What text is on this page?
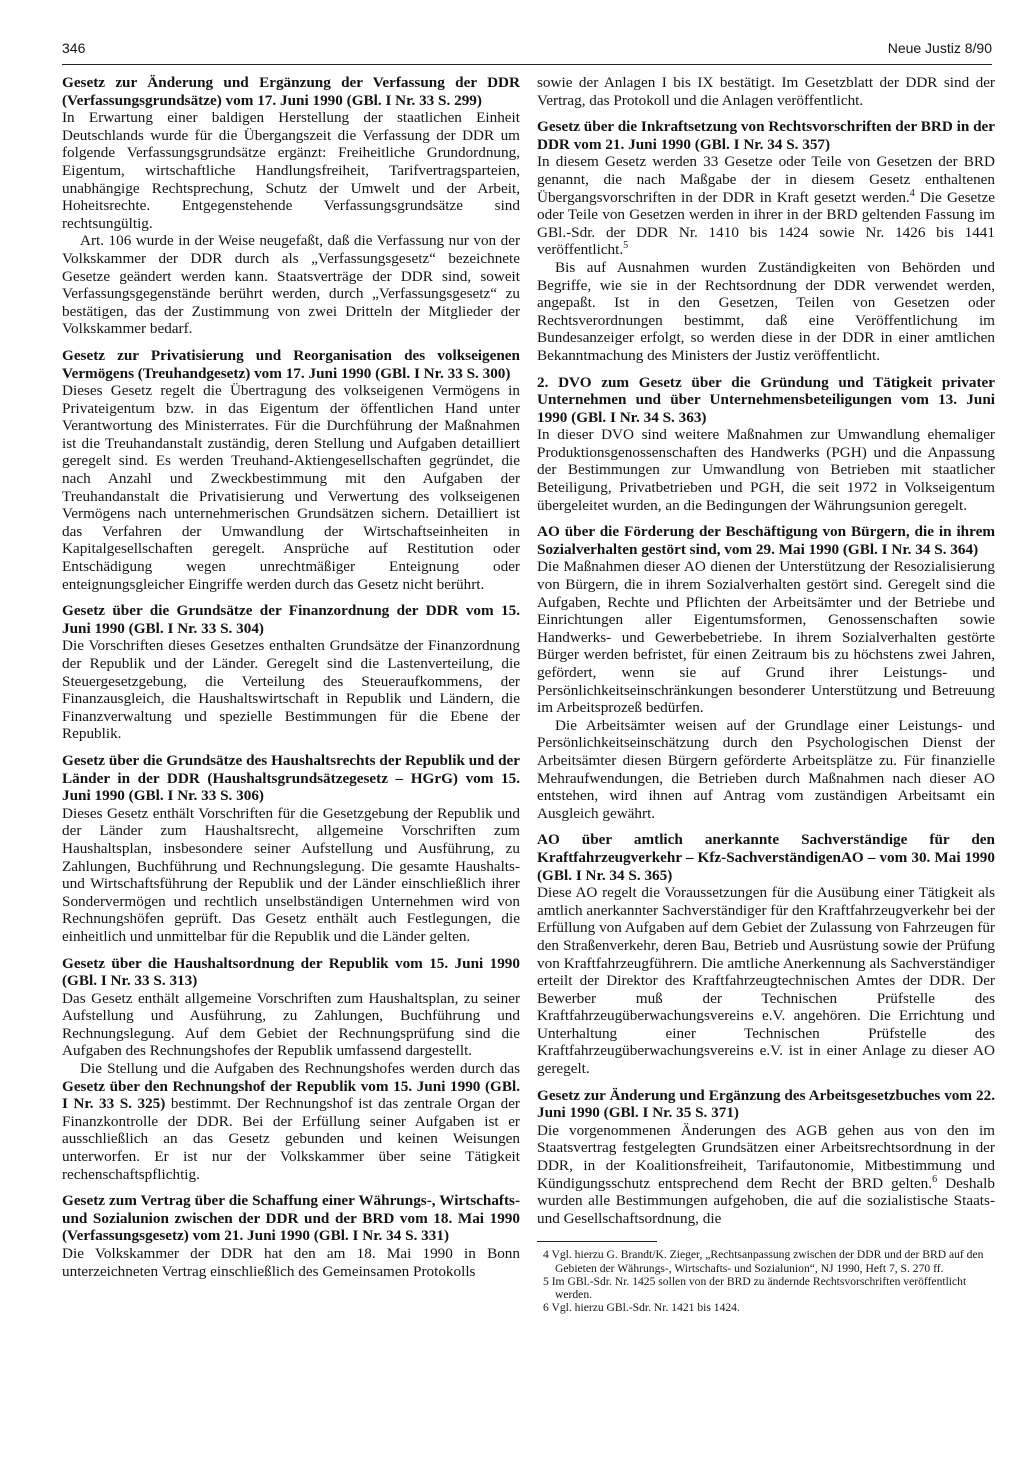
346	Neue Justiz 8/90

Gesetz zur Änderung und Ergänzung der Verfassung der DDR (Verfassungsgrundsätze) vom 17. Juni 1990 (GBl. I Nr. 33 S. 299)

In Erwartung einer baldigen Herstellung der staatlichen Einheit Deutschlands wurde für die Übergangszeit die Verfassung der DDR um folgende Verfassungsgrundsätze ergänzt: Freiheitliche Grundordnung, Eigentum, wirtschaftliche Handlungsfreiheit, Tarifvertragsparteien, unabhängige Rechtsprechung, Schutz der Umwelt und der Arbeit, Hoheitsrechte. Entgegenstehende Verfassungsgrundsätze sind rechtsungültig.

Art. 106 wurde in der Weise neugefaßt, daß die Verfassung nur von der Volkskammer der DDR durch als „Verfassungsgesetz“ bezeichnete Gesetze geändert werden kann. Staatsverträge der DDR sind, soweit Verfassungsgegenstände berührt werden, durch „Verfassungsgesetz“ zu bestätigen, das der Zustimmung von zwei Dritteln der Mitglieder der Volkskammer bedarf.

Gesetz zur Privatisierung und Reorganisation des volkseigenen Vermögens (Treuhandgesetz) vom 17. Juni 1990 (GBl. I Nr. 33 S. 300)

Dieses Gesetz regelt die Übertragung des volkseigenen Vermögens in Privateigentum bzw. in das Eigentum der öffentlichen Hand unter Verantwortung des Ministerrates. Für die Durchführung der Maßnahmen ist die Treuhandanstalt zuständig, deren Stellung und Aufgaben detailliert geregelt sind. Es werden Treuhand-Aktiengesellschaften gegründet, die nach Anzahl und Zweckbestimmung mit den Aufgaben der Treuhandanstalt die Privatisierung und Verwertung des volkseigenen Vermögens nach unternehmerischen Grundsätzen sichern. Detailliert ist das Verfahren der Umwandlung der Wirtschaftseinheiten in Kapitalgesellschaften geregelt. Ansprüche auf Restitution oder Entschädigung wegen unrechtmäßiger Enteignung oder enteignungsgleicher Eingriffe werden durch das Gesetz nicht berührt.

Gesetz über die Grundsätze der Finanzordnung der DDR vom 15. Juni 1990 (GBl. I Nr. 33 S. 304)

Die Vorschriften dieses Gesetzes enthalten Grundsätze der Finanzordnung der Republik und der Länder. Geregelt sind die Lastenverteilung, die Steuergesetzgebung, die Verteilung des Steueraufkommens, der Finanzausgleich, die Haushaltswirtschaft in Republik und Ländern, die Finanzverwaltung und spezielle Bestimmungen für die Ebene der Republik.

Gesetz über die Grundsätze des Haushaltsrechts der Republik und der Länder in der DDR (Haushaltsgrundsätzegesetz – HGrG) vom 15. Juni 1990 (GBl. I Nr. 33 S. 306)

Dieses Gesetz enthält Vorschriften für die Gesetzgebung der Republik und der Länder zum Haushaltsrecht, allgemeine Vorschriften zum Haushaltsplan, insbesondere seiner Aufstellung und Ausführung, zu Zahlungen, Buchführung und Rechnungslegung. Die gesamte Haushalts- und Wirtschaftsführung der Republik und der Länder einschließlich ihrer Sondervermögen und rechtlich unselbständigen Unternehmen wird von Rechnungshöfen geprüft. Das Gesetz enthält auch Festlegungen, die einheitlich und unmittelbar für die Republik und die Länder gelten.

Gesetz über die Haushaltsordnung der Republik vom 15. Juni 1990 (GBl. I Nr. 33 S. 313)

Das Gesetz enthält allgemeine Vorschriften zum Haushaltsplan, zu seiner Aufstellung und Ausführung, zu Zahlungen, Buchführung und Rechnungslegung. Auf dem Gebiet der Rechnungsprüfung sind die Aufgaben des Rechnungshofes der Republik umfassend dargestellt.

Die Stellung und die Aufgaben des Rechnungshofes werden durch das Gesetz über den Rechnungshof der Republik vom 15. Juni 1990 (GBl. I Nr. 33 S. 325) bestimmt. Der Rechnungshof ist das zentrale Organ der Finanzkontrolle der DDR. Bei der Erfüllung seiner Aufgaben ist er ausschließlich an das Gesetz gebunden und keinen Weisungen unterworfen. Er ist nur der Volkskammer über seine Tätigkeit rechenschaftspflichtig.

Gesetz zum Vertrag über die Schaffung einer Währungs-, Wirtschafts- und Sozialunion zwischen der DDR und der BRD vom 18. Mai 1990 (Verfassungsgesetz) vom 21. Juni 1990 (GBl. I Nr. 34 S. 331)

Die Volkskammer der DDR hat den am 18. Mai 1990 in Bonn unterzeichneten Vertrag einschließlich des Gemeinsamen Protokolls

sowie der Anlagen I bis IX bestätigt. Im Gesetzblatt der DDR sind der Vertrag, das Protokoll und die Anlagen veröffentlicht.

Gesetz über die Inkraftsetzung von Rechtsvorschriften der BRD in der DDR vom 21. Juni 1990 (GBl. I Nr. 34 S. 357)

In diesem Gesetz werden 33 Gesetze oder Teile von Gesetzen der BRD genannt, die nach Maßgabe der in diesem Gesetz enthaltenen Übergangsvorschriften in der DDR in Kraft gesetzt werden.$^4$ Die Gesetze oder Teile von Gesetzen werden in ihrer in der BRD geltenden Fassung im GBl.-Sdr. der DDR Nr. 1410 bis 1424 sowie Nr. 1426 bis 1441 veröffentlicht.$^5$

Bis auf Ausnahmen wurden Zuständigkeiten von Behörden und Begriffe, wie sie in der Rechtsordnung der DDR verwendet werden, angepaßt. Ist in den Gesetzen, Teilen von Gesetzen oder Rechtsverordnungen bestimmt, daß eine Veröffentlichung im Bundesanzeiger erfolgt, so werden diese in der DDR in einer amtlichen Bekanntmachung des Ministers der Justiz veröffentlicht.

2. DVO zum Gesetz über die Gründung und Tätigkeit privater Unternehmen und über Unternehmensbeteiligungen vom 13. Juni 1990 (GBl. I Nr. 34 S. 363)

In dieser DVO sind weitere Maßnahmen zur Umwandlung ehemaliger Produktionsgenossenschaften des Handwerks (PGH) und die Anpassung der Bestimmungen zur Umwandlung von Betrieben mit staatlicher Beteiligung, Privatbetrieben und PGH, die seit 1972 in Volkseigentum übergeleitet wurden, an die Bedingungen der Währungsunion geregelt.

AO über die Förderung der Beschäftigung von Bürgern, die in ihrem Sozialverhalten gestört sind, vom 29. Mai 1990 (GBl. I Nr. 34 S. 364)

Die Maßnahmen dieser AO dienen der Unterstützung der Resozialisierung von Bürgern, die in ihrem Sozialverhalten gestört sind. Geregelt sind die Aufgaben, Rechte und Pflichten der Arbeitsämter und der Betriebe und Einrichtungen aller Eigentumsformen, Genossenschaften sowie Handwerks- und Gewerbebetriebe. In ihrem Sozialverhalten gestörte Bürger werden befristet, für einen Zeitraum bis zu höchstens zwei Jahren, gefördert, wenn sie auf Grund ihrer Leistungs- und Persönlichkeitseinschränkungen besonderer Unterstützung und Betreuung im Arbeitsprozeß bedürfen.

Die Arbeitsämter weisen auf der Grundlage einer Leistungs- und Persönlichkeitseinschätzung durch den Psychologischen Dienst der Arbeitsämter diesen Bürgern geförderte Arbeitsplätze zu. Für finanzielle Mehraufwendungen, die Betrieben durch Maßnahmen nach dieser AO entstehen, wird ihnen auf Antrag vom zuständigen Arbeitsamt ein Ausgleich gewährt.

AO über amtlich anerkannte Sachverständige für den Kraftfahrzeugverkehr – Kfz-SachverständigenAO – vom 30. Mai 1990 (GBl. I Nr. 34 S. 365)

Diese AO regelt die Voraussetzungen für die Ausübung einer Tätigkeit als amtlich anerkannter Sachverständiger für den Kraftfahrzeugverkehr bei der Erfüllung von Aufgaben auf dem Gebiet der Zulassung von Fahrzeugen für den Straßenverkehr, deren Bau, Betrieb und Ausrüstung sowie der Prüfung von Kraftfahrzeugführern. Die amtliche Anerkennung als Sachverständiger erteilt der Direktor des Kraftfahrzeugtechnischen Amtes der DDR. Der Bewerber muß der Technischen Prüfstelle des Kraftfahrzeugüberwachungsvereins e.V. angehören. Die Errichtung und Unterhaltung einer Technischen Prüfstelle des Kraftfahrzeugüberwachungsvereins e.V. ist in einer Anlage zu dieser AO geregelt.

Gesetz zur Änderung und Ergänzung des Arbeitsgesetzbuches vom 22. Juni 1990 (GBl. I Nr. 35 S. 371)

Die vorgenommenen Änderungen des AGB gehen aus von den im Staatsvertrag festgelegten Grundsätzen einer Arbeitsrechtsordnung in der DDR, in der Koalitionsfreiheit, Tarifautonomie, Mitbestimmung und Kündigungsschutz entsprechend dem Recht der BRD gelten.$^6$ Deshalb wurden alle Bestimmungen aufgehoben, die auf die sozialistische Staats- und Gesellschaftsordnung, die

4 Vgl. hierzu G. Brandt/K. Zieger, „Rechtsanpassung zwischen der DDR und der BRD auf den Gebieten der Währungs-, Wirtschafts- und Sozialunion“, NJ 1990, Heft 7, S. 270 ff.

5 Im GBl.-Sdr. Nr. 1425 sollen von der BRD zu ändernde Rechtsvorschriften veröffentlicht werden.

6 Vgl. hierzu GBl.-Sdr. Nr. 1421 bis 1424.
